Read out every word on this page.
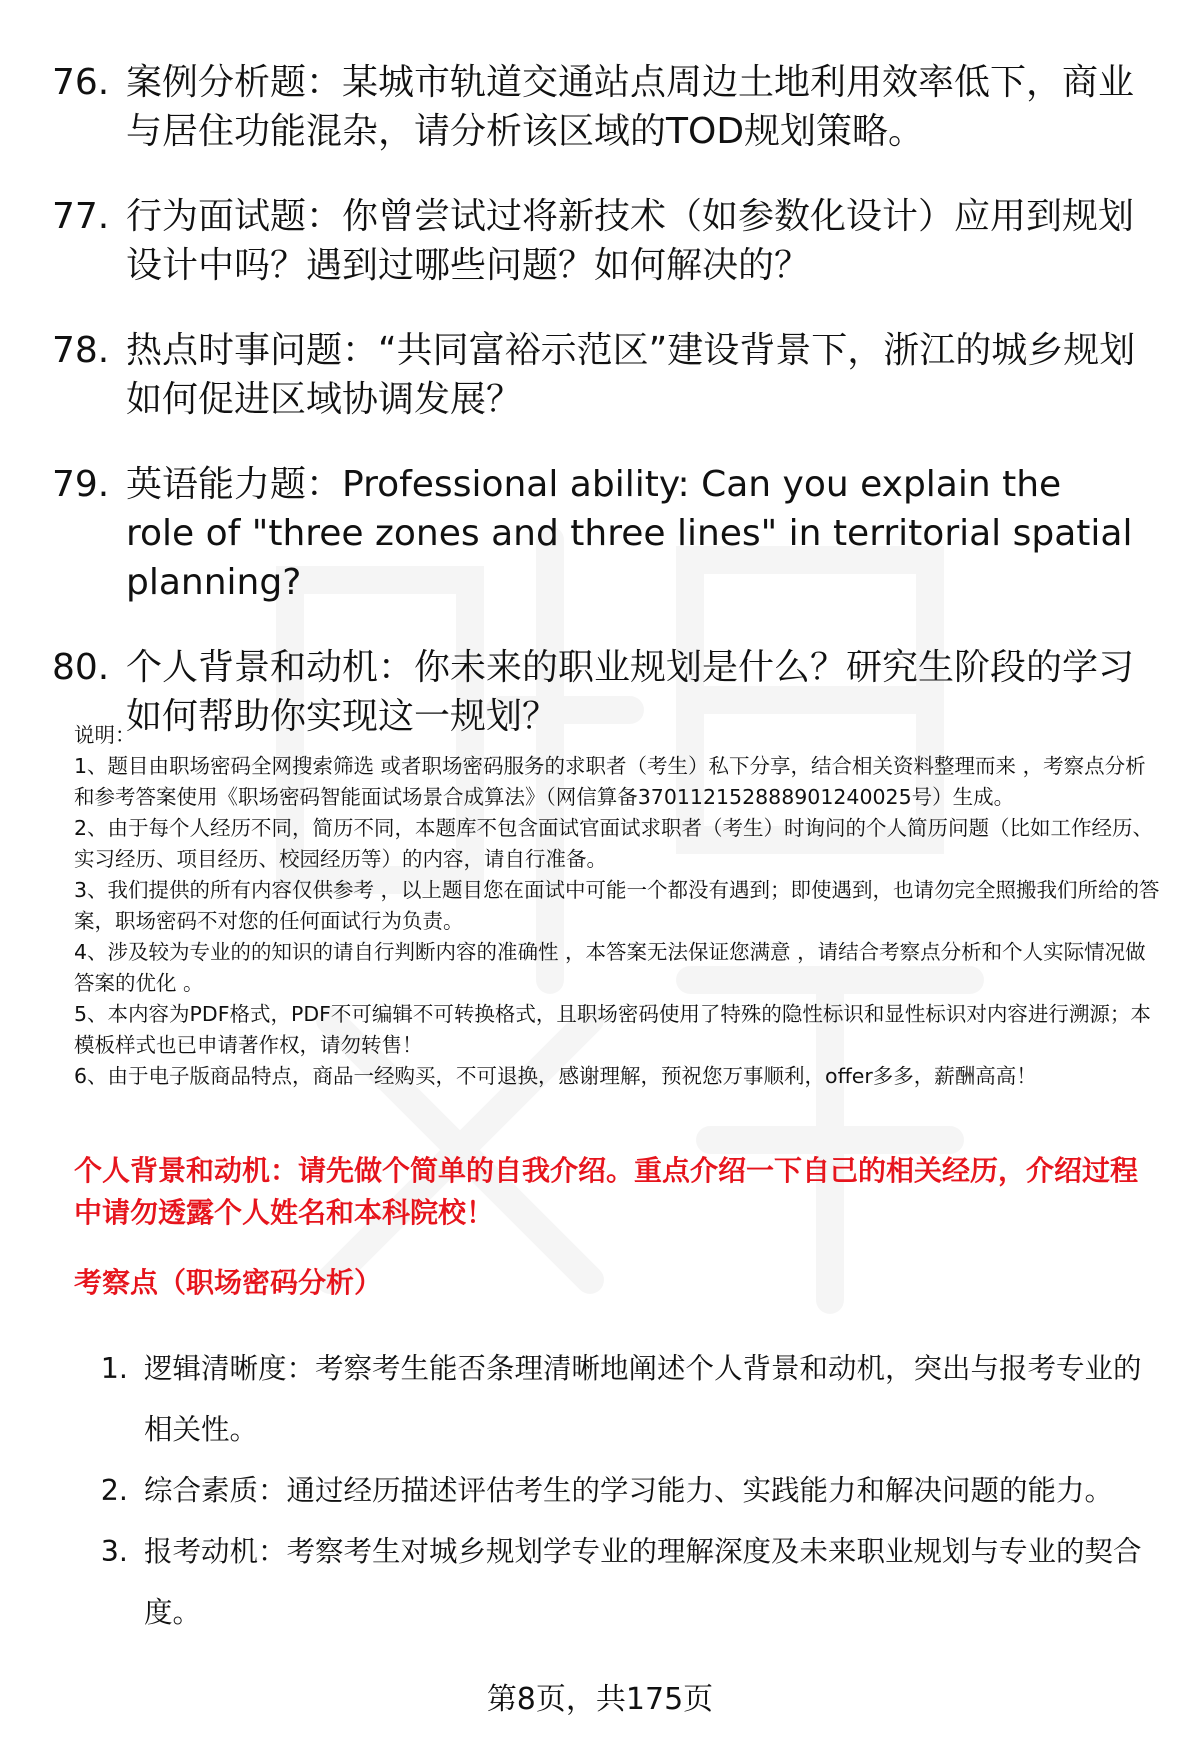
76. 案例分析题：某城市轨道交通站点周边土地利用效率低下，商业与居住功能混杂，请分析该区域的TOD规划策略。
77. 行为面试题：你曾尝试过将新技术（如参数化设计）应用到规划设计中吗？遇到过哪些问题？如何解决的？
78. 热点时事问题：“共同富裕示范区”建设背景下，浙江的城乡规划如何促进区域协调发展？
79. 英语能力题：Professional ability: Can you explain the role of "three zones and three lines" in territorial spatial planning?
80. 个人背景和动机：你未来的职业规划是什么？研究生阶段的学习如何帮助你实现这一规划？

说明：

1、题目由职场密码全网搜索筛选 或者职场密码服务的求职者（考生）私下分享，结合相关资料整理而来 ，考察点分析和参考答案使用《职场密码智能面试场景合成算法》（网信算备370112152888901240025号）生成。

2、由于每个人经历不同，简历不同，本题库不包含面试官面试求职者（考生）时询问的个人简历问题（比如工作经历、实习经历、项目经历、校园经历等）的内容，请自行准备。

3、我们提供的所有内容仅供参考 ，以上题目您在面试中可能一个都没有遇到；即使遇到，也请勿完全照搬我们所给的答案，职场密码不对您的任何面试行为负责。

4、涉及较为专业的的知识的请自行判断内容的准确性 ，本答案无法保证您满意 ，请结合考察点分析和个人实际情况做答案的优化 。

5、本内容为PDF格式，PDF不可编辑不可转换格式，且职场密码使用了特殊的隐性标识和显性标识对内容进行溯源；本模板样式也已申请著作权，请勿转售！

6、由于电子版商品特点，商品一经购买，不可退换，感谢理解，预祝您万事顺利，offer多多，薪酬高高！

个人背景和动机：请先做个简单的自我介绍。重点介绍一下自己的相关经历，介绍过程中请勿透露个人姓名和本科院校！
考察点（职场密码分析）
1. 逻辑清晰度：考察考生能否条理清晰地阐述个人背景和动机，突出与报考专业的相关性。
2. 综合素质：通过经历描述评估考生的学习能力、实践能力和解决问题的能力。
3. 报考动机：考察考生对城乡规划学专业的理解深度及未来职业规划与专业的契合度。
第8页，共175页
